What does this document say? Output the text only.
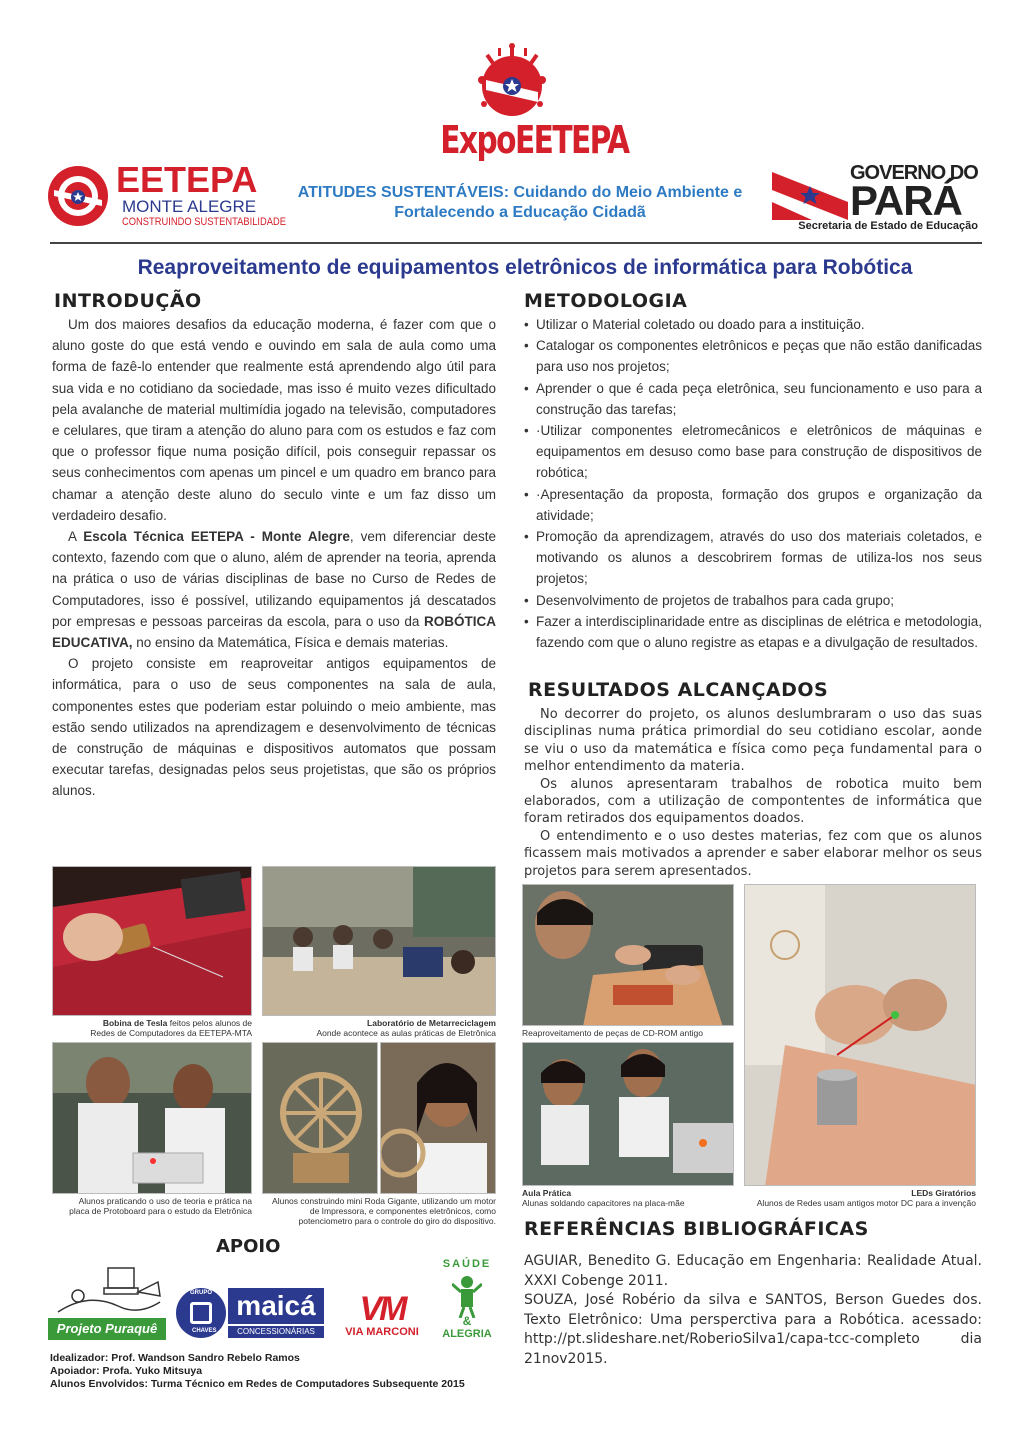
ExpoEETEPA
EETEPA
MONTE ALEGRE
CONSTRUINDO SUSTENTABILIDADE
ATITUDES SUSTENTÁVEIS: Cuidando do Meio Ambiente e
Fortalecendo a Educação Cidadã
GOVERNO DO
PARÁ
Secretaria de Estado de Educação
Reaproveitamento de equipamentos eletrônicos de informática para Robótica
INTRODUÇÃO

Um dos maiores desafios da educação moderna, é fazer com que o aluno goste do que está vendo e ouvindo em sala de aula como uma forma de fazê-lo entender que realmente está aprendendo algo útil para sua vida e no cotidiano da sociedade, mas isso é muito vezes dificultado pela avalanche de material multimídia jogado na televisão, computadores e celulares, que tiram a atenção do aluno para com os estudos e faz com que o professor fique numa posição difícil, pois conseguir repassar os seus conhecimentos com apenas um pincel e um quadro em branco para chamar a atenção deste aluno do seculo vinte e um faz disso um verdadeiro desafio.

A Escola Técnica EETEPA - Monte Alegre, vem diferenciar deste contexto, fazendo com que o aluno, além de aprender na teoria, aprenda na prática o uso de várias disciplinas de base no Curso de Redes de Computadores, isso é possível, utilizando equipamentos já descatados por empresas e pessoas parceiras da escola, para o uso da ROBÓTICA EDUCATIVA, no ensino da Matemática, Física e demais materias.

O projeto consiste em reaproveitar antigos equipamentos de informática, para o uso de seus componentes na sala de aula, componentes estes que poderiam estar poluindo o meio ambiente, mas estão sendo utilizados na aprendizagem e desenvolvimento de técnicas de construção de máquinas e dispositivos automatos que possam executar tarefas, designadas pelos seus projetistas, que são os próprios alunos.

METODOLOGIA
• Utilizar o Material coletado ou doado para a instituição.
• Catalogar os componentes eletrônicos e peças que não estão danificadas para uso nos projetos;
• Aprender o que é cada peça eletrônica, seu funcionamento e uso para a construção das tarefas;
• ·Utilizar componentes eletromecânicos e eletrônicos de máquinas e equipamentos em desuso como base para construção de dispositivos de robótica;
• ·Apresentação da proposta, formação dos grupos e organização da atividade;
• Promoção da aprendizagem, através do uso dos materiais coletados, e motivando os alunos a descobrirem formas de utiliza-los nos seus projetos;
• Desenvolvimento de projetos de trabalhos para cada grupo;
• Fazer a interdisciplinaridade entre as disciplinas de elétrica e metodologia, fazendo com que o aluno registre as etapas e a divulgação de resultados.
RESULTADOS ALCANÇADOS

No decorrer do projeto, os alunos deslumbraram o uso das suas disciplinas numa prática primordial do seu cotidiano escolar, aonde se viu o uso da matemática e física como peça fundamental para o melhor entendimento da materia.

Os alunos apresentaram trabalhos de robotica muito bem elaborados, com a utilização de compontentes de informática que foram retirados dos equipamentos doados.

O entendimento e o uso destes materias, fez com que os alunos ficassem mais motivados a aprender e saber elaborar melhor os seus projetos para serem apresentados.

Bobina de Tesla feitos pelos alunos de
Redes de Computadores da EETEPA-MTA
Laboratório de Metarreciclagem
Aonde acontece as aulas práticas de Eletrônica
Alunos praticando o uso de teoria e prática na
placa de Protoboard para o estudo da Eletrônica
Alunos construindo mini Roda Gigante, utilizando um motor de Impressora, e componentes eletrônicos, como potenciometro para o controle do giro do dispositivo.
Reaproveitamento de peças de CD-ROM antigo
Aula Prática
Alunas soldando capacitores na placa-mãe
LEDs Giratórios
Alunos de Redes usam antigos motor DC para a invenção
REFERÊNCIAS BIBLIOGRÁFICAS

AGUIAR, Benedito G. Educação em Engenharia: Realidade Atual. XXXI Cobenge 2011.

SOUZA, José Robério da silva e SANTOS, Berson Guedes dos. Texto Eletrônico: Uma persperctiva para a Robótica. acessado: http://pt.slideshare.net/RoberioSilva1/capa-tcc-completo dia 21nov2015.

APOIO
Projeto Puraquê
GRUPO
CHAVES
maicá
CONCESSIONÁRIAS
VM
VIA MARCONI
SAÚDE
&
ALEGRIA
Idealizador: Prof. Wandson Sandro Rebelo Ramos
Apoiador: Profa. Yuko Mitsuya
Alunos Envolvidos: Turma Técnico em Redes de Computadores Subsequente 2015
